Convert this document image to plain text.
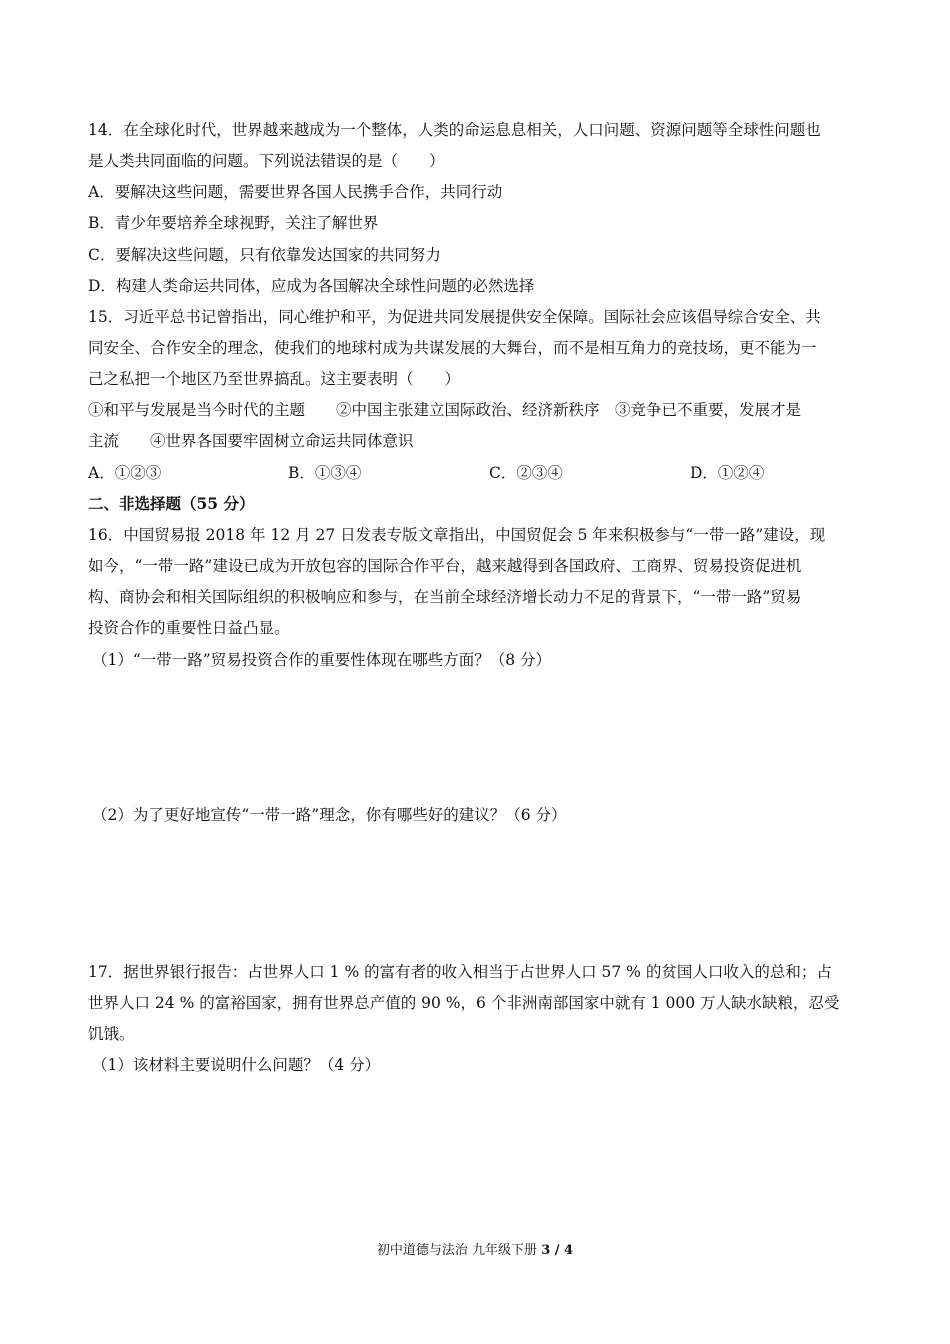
14．在全球化时代，世界越来越成为一个整体，人类的命运息息相关，人口问题、资源问题等全球性问题也
是人类共同面临的问题。下列说法错误的是（　　）
A．要解决这些问题，需要世界各国人民携手合作，共同行动
B．青少年要培养全球视野，关注了解世界
C．要解决这些问题，只有依靠发达国家的共同努力
D．构建人类命运共同体，应成为各国解决全球性问题的必然选择
15．习近平总书记曾指出，同心维护和平，为促进共同发展提供安全保障。国际社会应该倡导综合安全、共
同安全、合作安全的理念，使我们的地球村成为共谋发展的大舞台，而不是相互角力的竞技场，更不能为一
己之私把一个地区乃至世界搞乱。这主要表明（　　）
①和平与发展是当今时代的主题　　②中国主张建立国际政治、经济新秩序　③竞争已不重要，发展才是
主流　　④世界各国要牢固树立命运共同体意识
A．①②③	B．①③④	C．②③④	D．①②④
二、非选择题（55 分）
16．中国贸易报 2018 年 12 月 27 日发表专版文章指出，中国贸促会 5 年来积极参与“一带一路”建设，现
如今，“一带一路”建设已成为开放包容的国际合作平台，越来越得到各国政府、工商界、贸易投资促进机
构、商协会和相关国际组织的积极响应和参与，在当前全球经济增长动力不足的背景下，“一带一路”贸易
投资合作的重要性日益凸显。
（1）“一带一路”贸易投资合作的重要性体现在哪些方面？（8 分）
（2）为了更好地宣传“一带一路”理念，你有哪些好的建议？（6 分）
17．据世界银行报告：占世界人口 1 % 的富有者的收入相当于占世界人口 57 % 的贫国人口收入的总和；占
世界人口 24 % 的富裕国家，拥有世界总产值的 90 %，6 个非洲南部国家中就有 1 000 万人缺水缺粮，忍受
饥饿。
（1）该材料主要说明什么问题？（4 分）
初中道德与法治 九年级下册 3 / 4
